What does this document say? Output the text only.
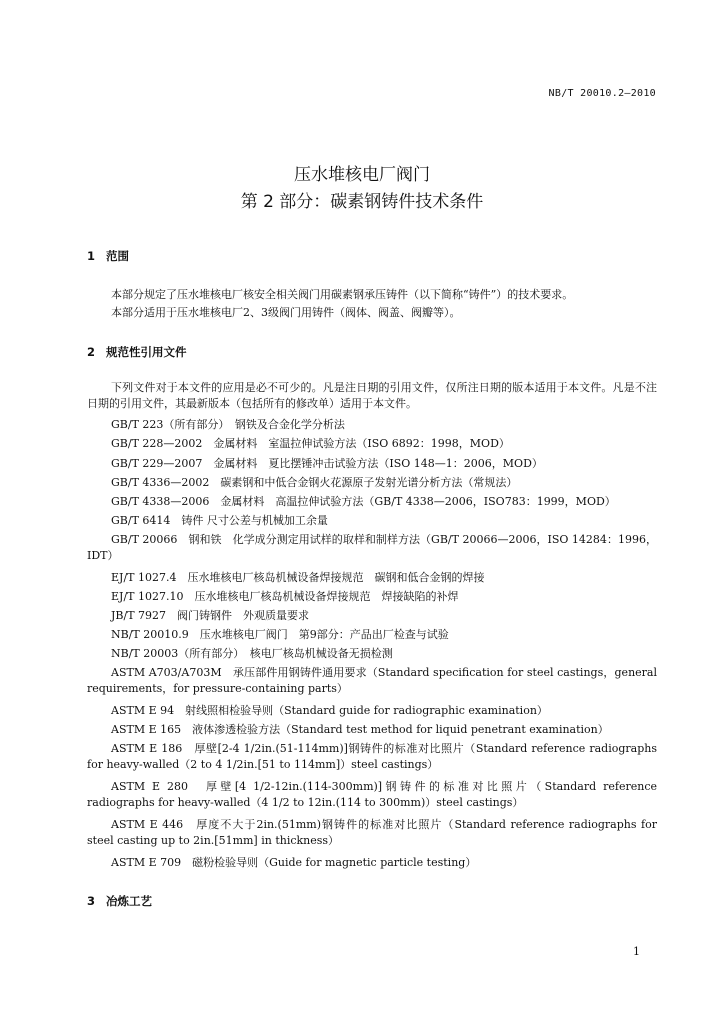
NB/T 20010.2—2010
压水堆核电厂阀门
第 2 部分：碳素钢铸件技术条件
1 范围
本部分规定了压水堆核电厂核安全相关阀门用碳素钢承压铸件（以下简称“铸件”）的技术要求。
本部分适用于压水堆核电厂2、3级阀门用铸件（阀体、阀盖、阀瓣等）。
2 规范性引用文件
下列文件对于本文件的应用是必不可少的。凡是注日期的引用文件，仅所注日期的版本适用于本文件。凡是不注日期的引用文件，其最新版本（包括所有的修改单）适用于本文件。
GB/T 223（所有部分）　钢铁及合金化学分析法
GB/T 228—2002　金属材料　室温拉伸试验方法（ISO 6892：1998，MOD）
GB/T 229—2007　金属材料　夏比摆锤冲击试验方法（ISO 148—1：2006，MOD）
GB/T 4336—2002　碳素钢和中低合金钢火花源原子发射光谱分析方法（常规法）
GB/T 4338—2006　金属材料　高温拉伸试验方法（GB/T 4338—2006，ISO783：1999，MOD）
GB/T 6414　铸件 尺寸公差与机械加工余量
GB/T 20066　钢和铁　化学成分测定用试样的取样和制样方法（GB/T 20066—2006，ISO 14284：1996，IDT）
EJ/T 1027.4　压水堆核电厂核岛机械设备焊接规范　碳钢和低合金钢的焊接
EJ/T 1027.10　压水堆核电厂核岛机械设备焊接规范　焊接缺陷的补焊
JB/T 7927　阀门铸钢件　外观质量要求
NB/T 20010.9　压水堆核电厂阀门　第9部分：产品出厂检查与试验
NB/T 20003（所有部分）　核电厂核岛机械设备无损检测
ASTM A703/A703M　承压部件用钢铸件通用要求（Standard specification for steel castings，general requirements，for pressure-containing parts）
ASTM E 94　射线照相检验导则（Standard guide for radiographic examination）
ASTM E 165　液体渗透检验方法（Standard test method for liquid penetrant examination）
ASTM E 186　厚壁[2-4 1/2in.(51-114mm)]钢铸件的标准对比照片（Standard reference radiographs for heavy-walled（2 to 4 1/2in.[51 to 114mm]）steel castings）
ASTM E 280　厚壁[4 1/2-12in.(114-300mm)]钢铸件的标准对比照片（Standard reference radiographs for heavy-walled（4 1/2 to 12in.(114 to 300mm)）steel castings）
ASTM E 446　厚度不大于2in.(51mm)钢铸件的标准对比照片（Standard reference radiographs for steel casting up to 2in.[51mm] in thickness）
ASTM E 709　磁粉检验导则（Guide for magnetic particle testing）
3 冶炼工艺
1
